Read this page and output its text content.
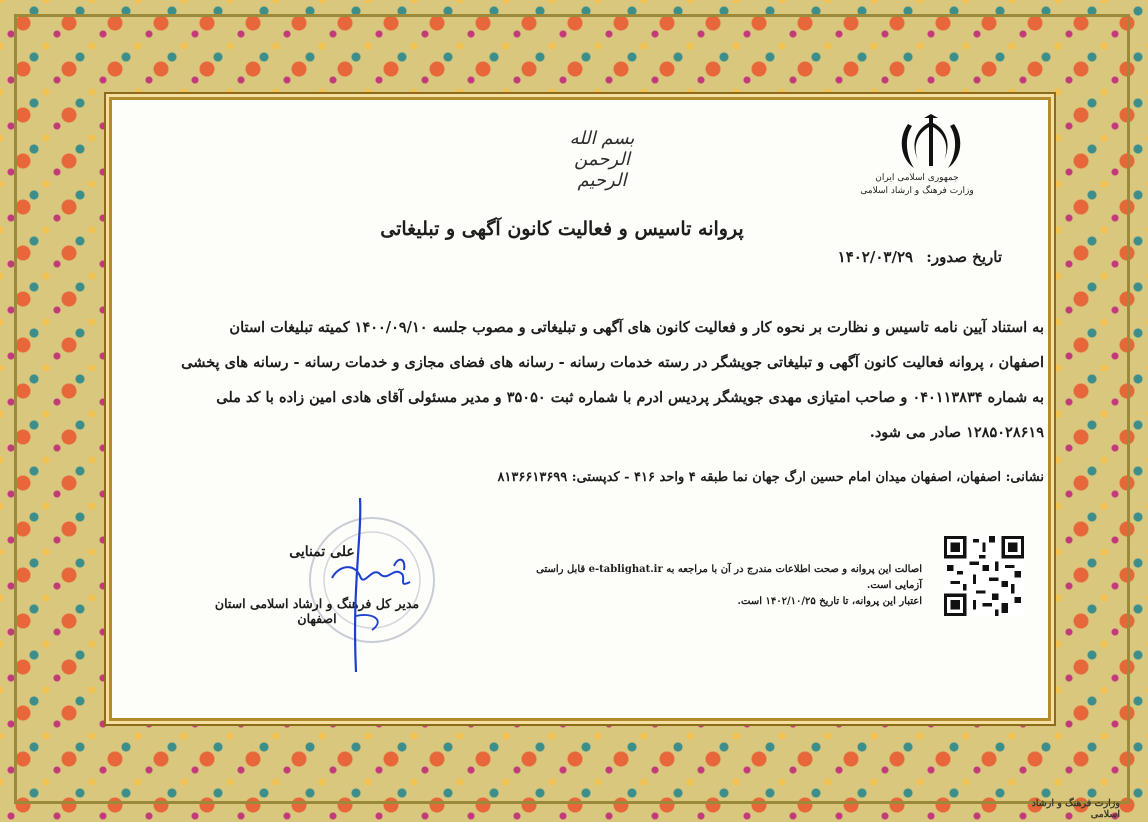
بسم الله الرحمن الرحیم	جمهوری اسلامی ایران
وزارت فرهنگ و ارشاد اسلامی
پروانه تاسیس و فعالیت کانون آگهی و تبلیغاتی
تاریخ صدور: ۱۴۰۲/۰۳/۲۹
به استناد آیین نامه تاسیس و نظارت بر نحوه کار و فعالیت کانون های آگهی و تبلیغاتی و مصوب جلسه ۱۴۰۰/۰۹/۱۰ کمیته تبلیغات استان اصفهان ، پروانه فعالیت کانون آگهی و تبلیغاتی جویشگر در رسته خدمات رسانه - رسانه های فضای مجازی و خدمات رسانه - رسانه های پخشی به شماره ۰۴۰۱۱۳۸۳۴ و صاحب امتیازی مهدی جویشگر پردیس ادرم با شماره ثبت ۳۵۰۵۰ و مدیر مسئولی آقای هادی امین زاده با کد ملی ۱۲۸۵۰۲۸۶۱۹ صادر می شود.
نشانی: اصفهان، اصفهان میدان امام حسین ارگ جهان نما طبقه ۴ واحد ۴۱۶ - کدپستی: ۸۱۳۶۶۱۳۶۹۹
اصالت این پروانه و صحت اطلاعات مندرج در آن با مراجعه به e-tablighat.ir قابل راستی آزمایی است.
اعتبار این پروانه، تا تاریخ ۱۴۰۲/۱۰/۲۵ است.
علی تمنایی
مدیر کل فرهنگ و ارشاد اسلامی استان اصفهان
وزارت فرهنگ و ارشاد اسلامی
